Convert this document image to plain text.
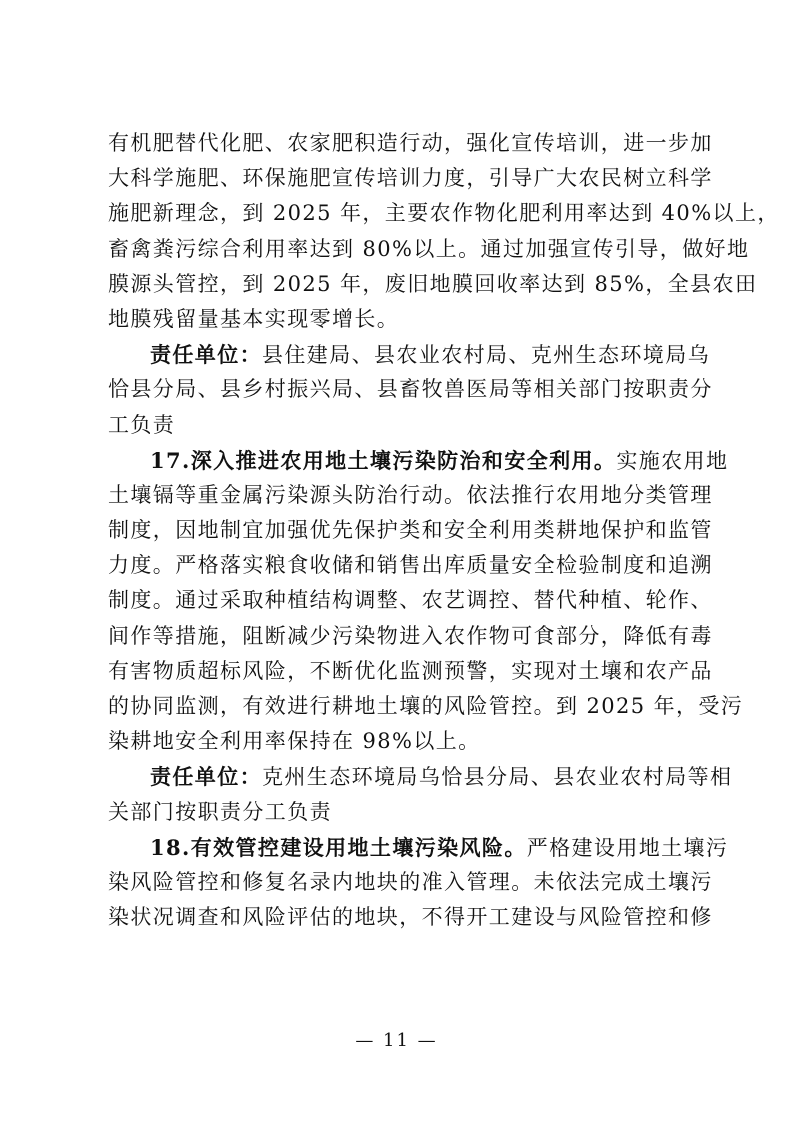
有机肥替代化肥、农家肥积造行动，强化宣传培训，进一步加
大科学施肥、环保施肥宣传培训力度，引导广大农民树立科学
施肥新理念，到 2025 年，主要农作物化肥利用率达到 40%以上，
畜禽粪污综合利用率达到 80%以上。通过加强宣传引导，做好地
膜源头管控，到 2025 年，废旧地膜回收率达到 85%，全县农田
地膜残留量基本实现零增长。
责任单位：县住建局、县农业农村局、克州生态环境局乌
恰县分局、县乡村振兴局、县畜牧兽医局等相关部门按职责分
工负责
17.深入推进农用地土壤污染防治和安全利用。实施农用地
土壤镉等重金属污染源头防治行动。依法推行农用地分类管理
制度，因地制宜加强优先保护类和安全利用类耕地保护和监管
力度。严格落实粮食收储和销售出库质量安全检验制度和追溯
制度。通过采取种植结构调整、农艺调控、替代种植、轮作、
间作等措施，阻断减少污染物进入农作物可食部分，降低有毒
有害物质超标风险，不断优化监测预警，实现对土壤和农产品
的协同监测，有效进行耕地土壤的风险管控。到 2025 年，受污
染耕地安全利用率保持在 98%以上。
责任单位：克州生态环境局乌恰县分局、县农业农村局等相
关部门按职责分工负责
18.有效管控建设用地土壤污染风险。严格建设用地土壤污
染风险管控和修复名录内地块的准入管理。未依法完成土壤污
染状况调查和风险评估的地块，不得开工建设与风险管控和修
— 11 —
